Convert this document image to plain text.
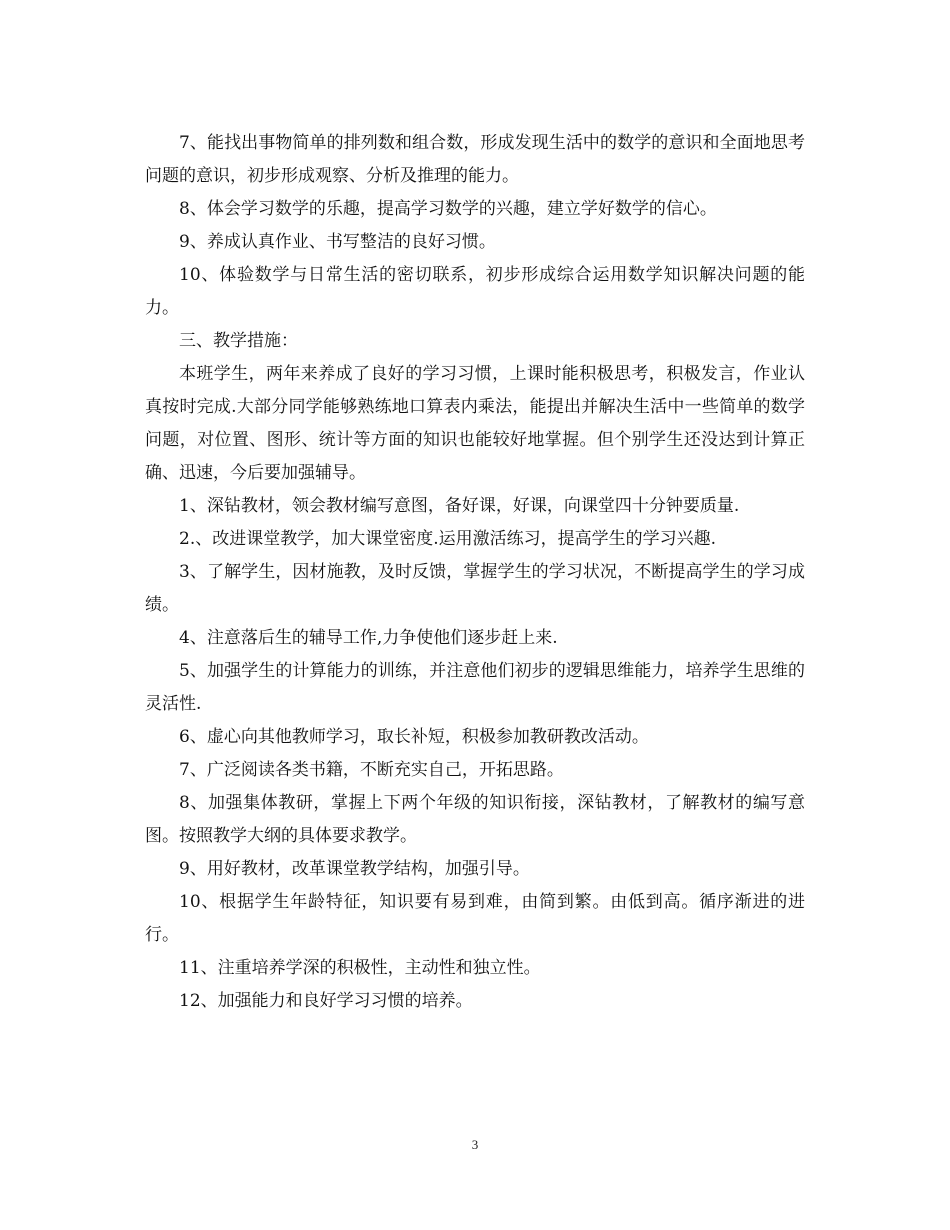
7、能找出事物简单的排列数和组合数，形成发现生活中的数学的意识和全面地思考问题的意识，初步形成观察、分析及推理的能力。

8、体会学习数学的乐趣，提高学习数学的兴趣，建立学好数学的信心。

9、养成认真作业、书写整洁的良好习惯。

10、体验数学与日常生活的密切联系，初步形成综合运用数学知识解决问题的能力。

三、教学措施：

本班学生，两年来养成了良好的学习习惯，上课时能积极思考，积极发言，作业认真按时完成.大部分同学能够熟练地口算表内乘法，能提出并解决生活中一些简单的数学问题，对位置、图形、统计等方面的知识也能较好地掌握。但个别学生还没达到计算正确、迅速，今后要加强辅导。

1、深钻教材，领会教材编写意图，备好课，好课，向课堂四十分钟要质量.

2.、改进课堂教学，加大课堂密度.运用激活练习，提高学生的学习兴趣.

3、了解学生，因材施教，及时反馈，掌握学生的学习状况，不断提高学生的学习成绩。

4、注意落后生的辅导工作,力争使他们逐步赶上来.

5、加强学生的计算能力的训练，并注意他们初步的逻辑思维能力，培养学生思维的灵活性.

6、虚心向其他教师学习，取长补短，积极参加教研教改活动。

7、广泛阅读各类书籍，不断充实自己，开拓思路。

8、加强集体教研，掌握上下两个年级的知识衔接，深钻教材，了解教材的编写意图。按照教学大纲的具体要求教学。

9、用好教材，改革课堂教学结构，加强引导。

10、根据学生年龄特征，知识要有易到难，由简到繁。由低到高。循序渐进的进行。

11、注重培养学深的积极性，主动性和独立性。

12、加强能力和良好学习习惯的培养。

3
